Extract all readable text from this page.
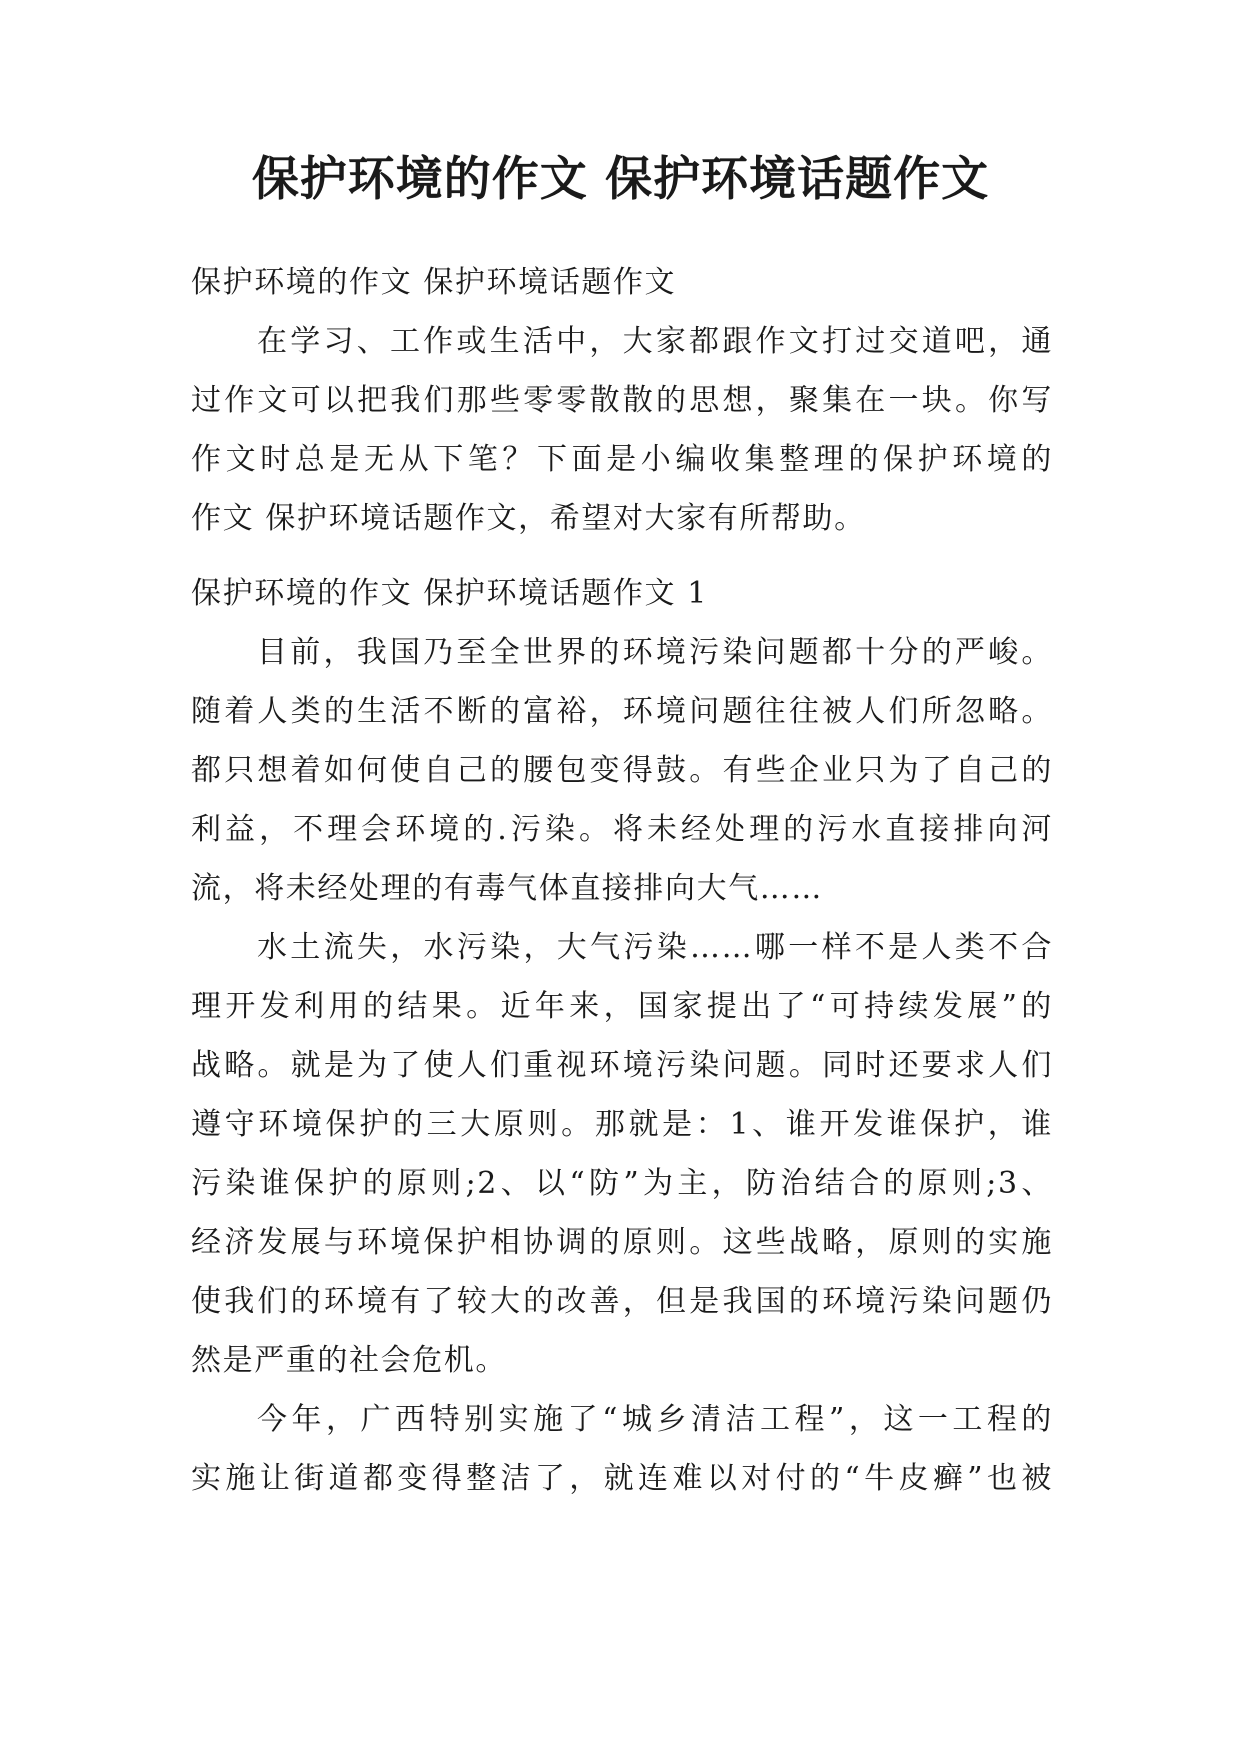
保护环境的作文 保护环境话题作文
保护环境的作文 保护环境话题作文
在学习、工作或生活中，大家都跟作文打过交道吧，通
过作文可以把我们那些零零散散的思想，聚集在一块。你写
作文时总是无从下笔？下面是小编收集整理的保护环境的
作文 保护环境话题作文，希望对大家有所帮助。
保护环境的作文 保护环境话题作文 1
目前，我国乃至全世界的环境污染问题都十分的严峻。
随着人类的生活不断的富裕，环境问题往往被人们所忽略。
都只想着如何使自己的腰包变得鼓。有些企业只为了自己的
利益，不理会环境的.污染。将未经处理的污水直接排向河
流，将未经处理的有毒气体直接排向大气……
水土流失，水污染，大气污染……哪一样不是人类不合
理开发利用的结果。近年来，国家提出了“可持续发展”的
战略。就是为了使人们重视环境污染问题。同时还要求人们
遵守环境保护的三大原则。那就是：1、谁开发谁保护，谁
污染谁保护的原则;2、以“防”为主，防治结合的原则;3、
经济发展与环境保护相协调的原则。这些战略，原则的实施
使我们的环境有了较大的改善，但是我国的环境污染问题仍
然是严重的社会危机。
今年，广西特别实施了“城乡清洁工程”，这一工程的
实施让街道都变得整洁了，就连难以对付的“牛皮癣”也被
